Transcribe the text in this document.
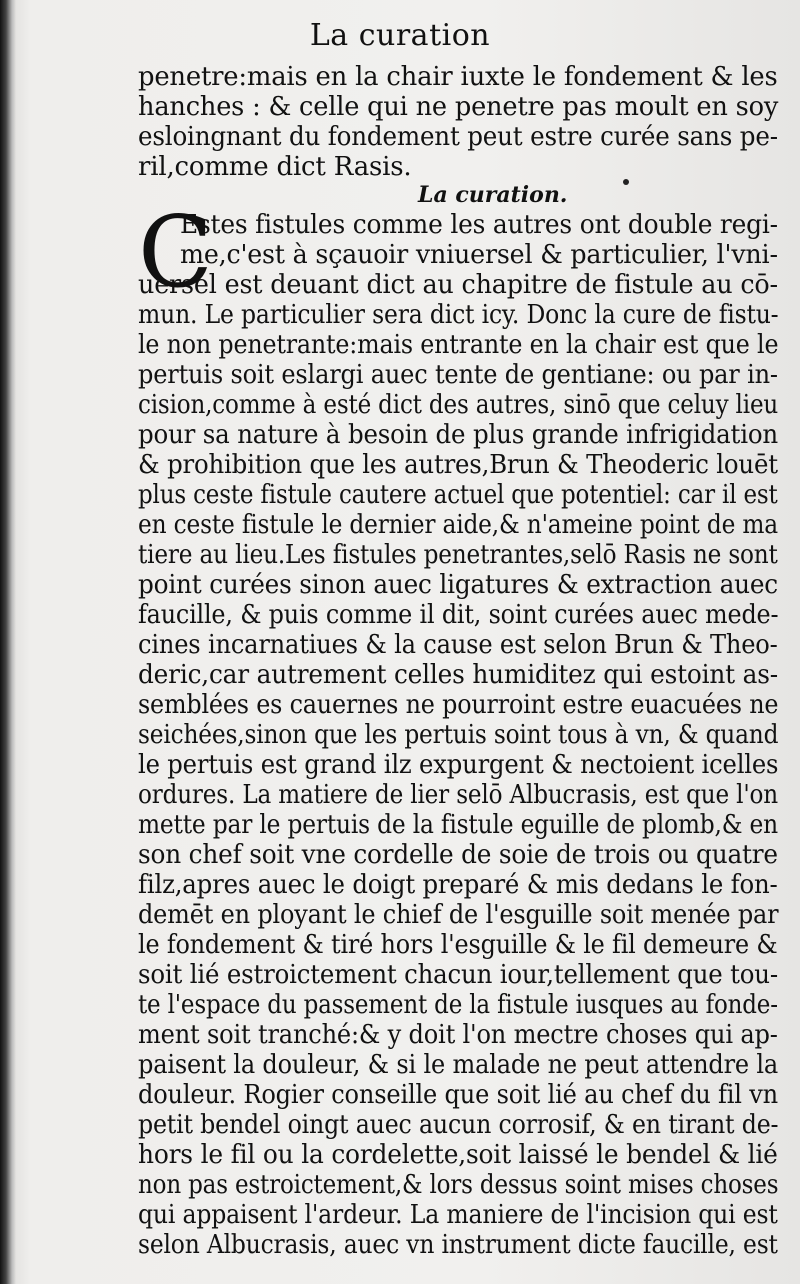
La curation
penetre:mais en la chair iuxte le fondement & les
hanches : & celle qui ne penetre pas moult en soy
esloingnant du fondement peut estre curée sans pe-
ril,comme dict Rasis.
La curation.
C
Estes fistules comme les autres ont double regi-
me,c'est à sçauoir vniuersel & particulier, l'vni-
uersel est deuant dict au chapitre de fistule au cō-
mun. Le particulier sera dict icy. Donc la cure de fistu-
le non penetrante:mais entrante en la chair est que le
pertuis soit eslargi auec tente de gentiane: ou par in-
cision,comme à esté dict des autres, sinō que celuy lieu
pour sa nature à besoin de plus grande infrigidation
& prohibition que les autres,Brun & Theoderic louēt
plus ceste fistule cautere actuel que potentiel: car il est
en ceste fistule le dernier aide,& n'ameine point de ma
tiere au lieu.Les fistules penetrantes,selō Rasis ne sont
point curées sinon auec ligatures & extraction auec
faucille, & puis comme il dit, soint curées auec mede-
cines incarnatiues & la cause est selon Brun & Theo-
deric,car autrement celles humiditez qui estoint as-
semblées es cauernes ne pourroint estre euacuées ne
seichées,sinon que les pertuis soint tous à vn, & quand
le pertuis est grand ilz expurgent & nectoient icelles
ordures. La matiere de lier selō Albucrasis, est que l'on
mette par le pertuis de la fistule eguille de plomb,& en
son chef soit vne cordelle de soie de trois ou quatre
filz,apres auec le doigt preparé & mis dedans le fon-
demēt en ployant le chief de l'esguille soit menée par
le fondement & tiré hors l'esguille & le fil demeure &
soit lié estroictement chacun iour,tellement que tou-
te l'espace du passement de la fistule iusques au fonde-
ment soit tranché:& y doit l'on mectre choses qui ap-
paisent la douleur, & si le malade ne peut attendre la
douleur. Rogier conseille que soit lié au chef du fil vn
petit bendel oingt auec aucun corrosif, & en tirant de-
hors le fil ou la cordelette,soit laissé le bendel & lié
non pas estroictement,& lors dessus soint mises choses
qui appaisent l'ardeur. La maniere de l'incision qui est
selon Albucrasis, auec vn instrument dicte faucille, est
